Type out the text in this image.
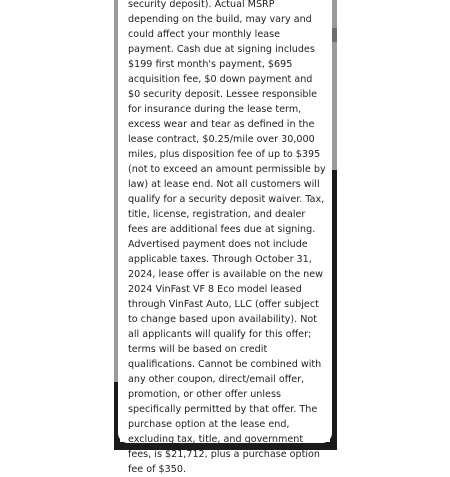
security deposit). Actual MSRP depending on the build, may vary and could affect your monthly lease payment. Cash due at signing includes $199 first month's payment, $695 acquisition fee, $0 down payment and $0 security deposit. Lessee responsible for insurance during the lease term, excess wear and tear as defined in the lease contract, $0.25/mile over 30,000 miles, plus disposition fee of up to $395 (not to exceed an amount permissible by law) at lease end. Not all customers will qualify for a security deposit waiver. Tax, title, license, registration, and dealer fees are additional fees due at signing. Advertised payment does not include applicable taxes. Through October 31, 2024, lease offer is available on the new 2024 VinFast VF 8 Eco model leased through VinFast Auto, LLC (offer subject to change based upon availability). Not all applicants will qualify for this offer; terms will be based on credit qualifications. Cannot be combined with any other coupon, direct/email offer, promotion, or other offer unless specifically permitted by that offer. The purchase option at the lease end, excluding tax, title, and government fees, is $21,712, plus a purchase option fee of $350.
